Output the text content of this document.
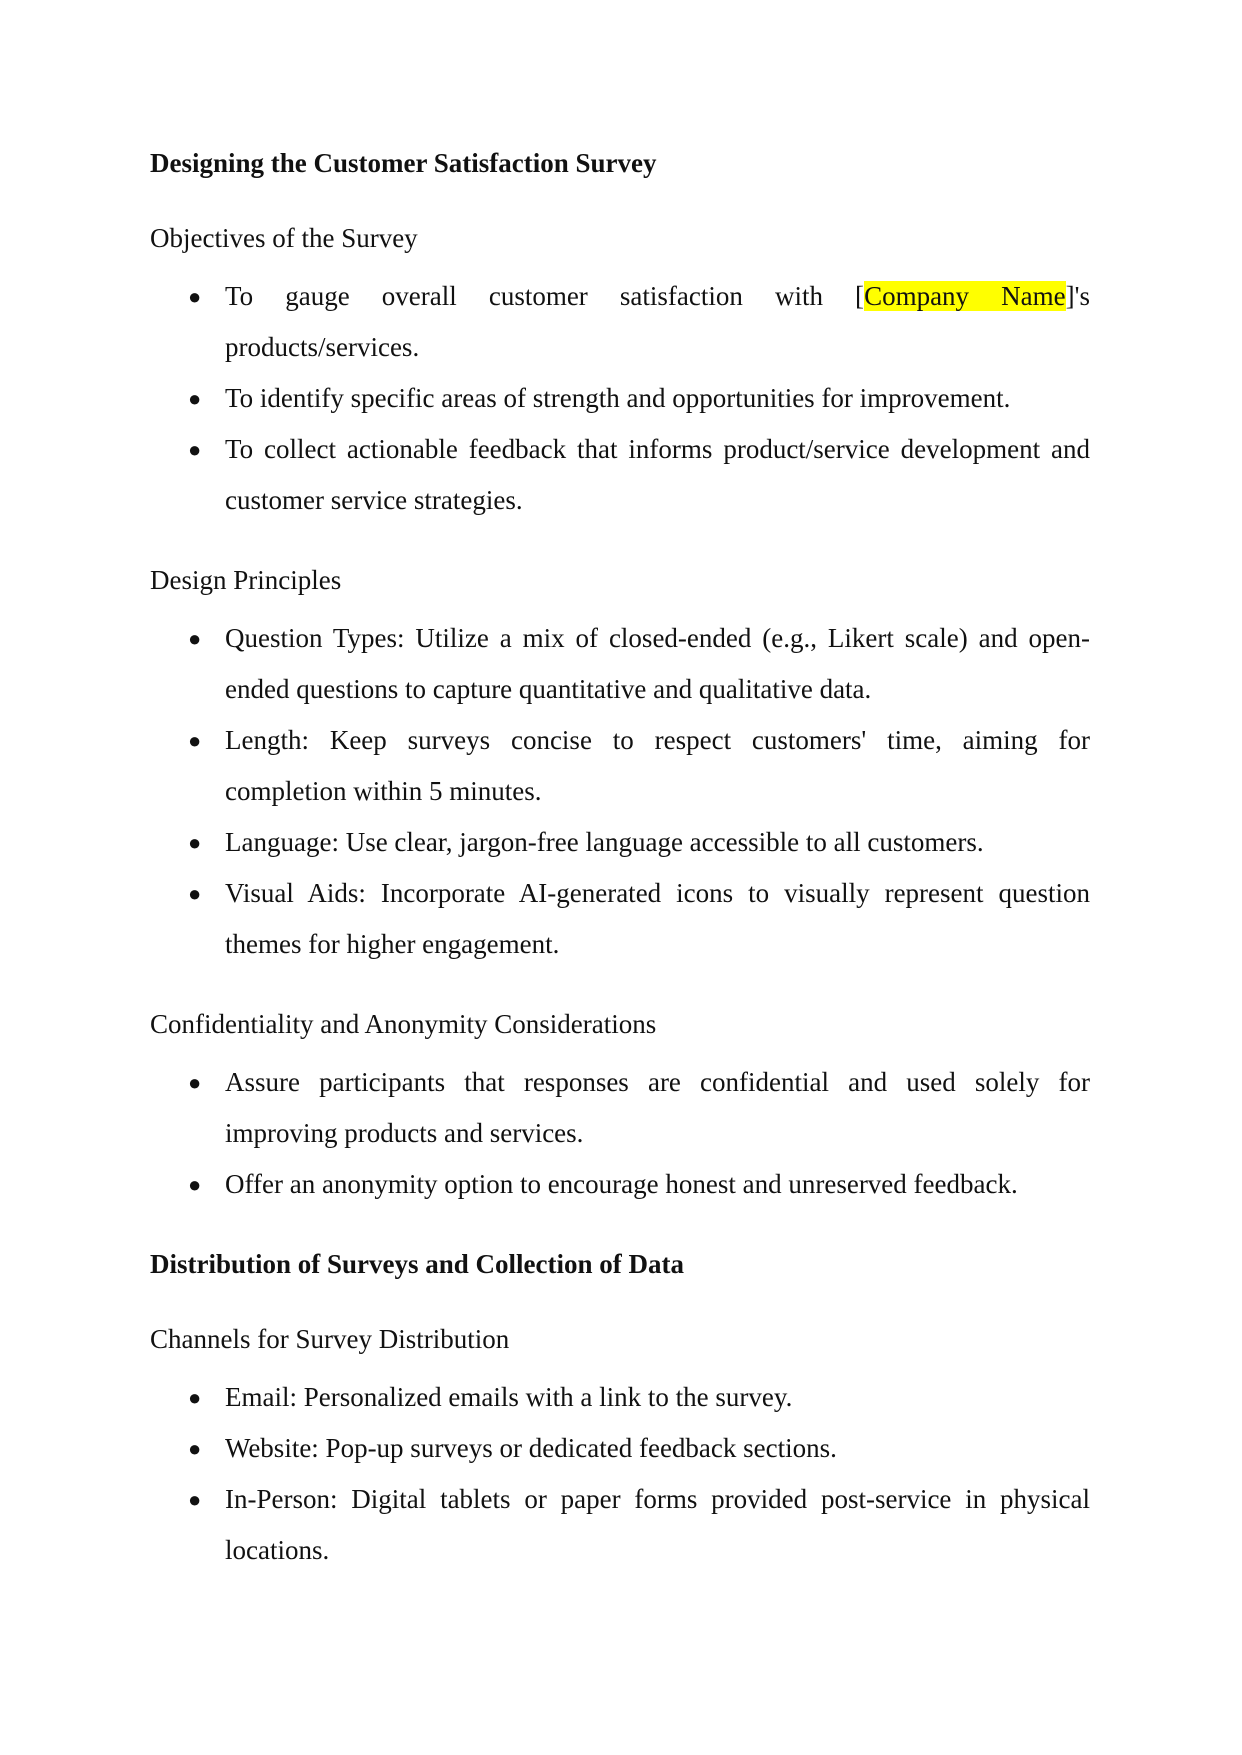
Designing the Customer Satisfaction Survey

Objectives of the Survey

● To gauge overall customer satisfaction with [Company Name]'s products/services.
● To identify specific areas of strength and opportunities for improvement.
● To collect actionable feedback that informs product/service development and customer service strategies.

Design Principles

● Question Types: Utilize a mix of closed-ended (e.g., Likert scale) and open-ended questions to capture quantitative and qualitative data.
● Length: Keep surveys concise to respect customers' time, aiming for completion within 5 minutes.
● Language: Use clear, jargon-free language accessible to all customers.
● Visual Aids: Incorporate AI-generated icons to visually represent question themes for higher engagement.

Confidentiality and Anonymity Considerations

● Assure participants that responses are confidential and used solely for improving products and services.
● Offer an anonymity option to encourage honest and unreserved feedback.

Distribution of Surveys and Collection of Data

Channels for Survey Distribution

● Email: Personalized emails with a link to the survey.
● Website: Pop-up surveys or dedicated feedback sections.
● In-Person: Digital tablets or paper forms provided post-service in physical locations.
